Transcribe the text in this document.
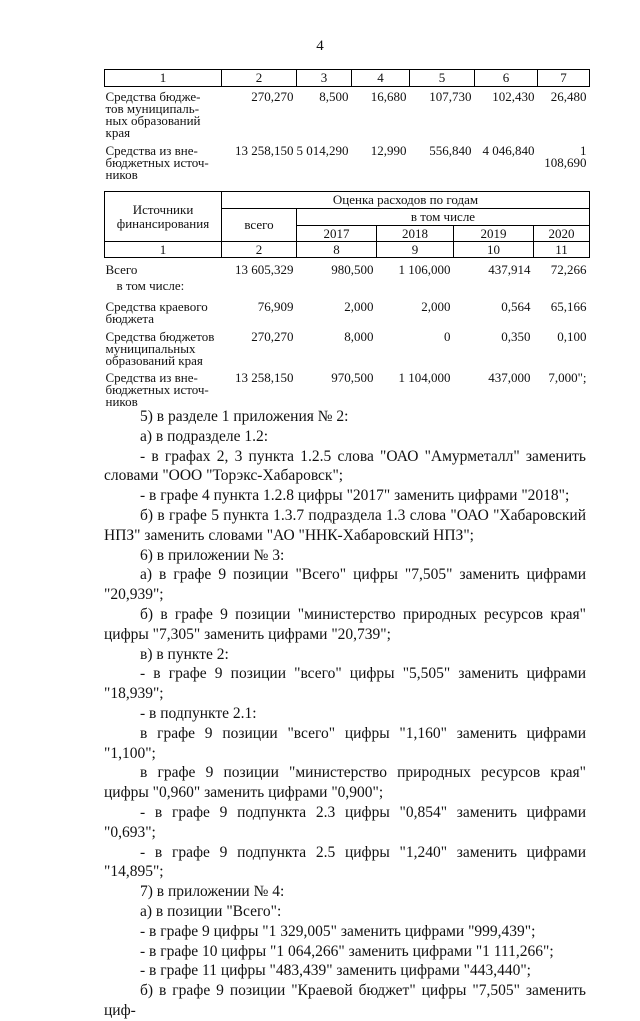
4
1	2	3	4	5	6	7
Средства бюдже-
тов муниципаль-
ных образований
края	270,270	8,500	16,680	107,730	102,430	26,480
Средства из вне-
бюджетных источ-
ников	13 258,150	5 014,290	12,990	556,840	4 046,840	1 108,690
Источники финансирования	Оценка расходов по годам				
	всего	в том числе			
		2017	2018	2019	2020
1	2	8	9	10	11
Всего	13 605,329	980,500	1 106,000	437,914	72,266
в том числе:					
Средства краевого
бюджета	76,909	2,000	2,000	0,564	65,166
Средства бюджетов
муниципальных
образований края	270,270	8,000	0	0,350	0,100
Средства из вне-
бюджетных источ-
ников	13 258,150	970,500	1 104,000	437,000	7,000";

5) в разделе 1 приложения № 2:

а) в подразделе 1.2:

- в графах 2, 3 пункта 1.2.5 слова "ОАО "Амурметалл" заменить словами "ООО "Торэкс-Хабаровск";

- в графе 4 пункта 1.2.8 цифры "2017" заменить цифрами "2018";

б) в графе 5 пункта 1.3.7 подраздела 1.3 слова "ОАО "Хабаровский НПЗ" заменить словами "АО "ННК-Хабаровский НПЗ";

6) в приложении № 3:

а) в графе 9 позиции "Всего" цифры "7,505" заменить цифрами "20,939";

б) в графе 9 позиции "министерство природных ресурсов края" цифры "7,305" заменить цифрами "20,739";

в) в пункте 2:

- в графе 9 позиции "всего" цифры "5,505" заменить цифрами "18,939";

- в подпункте 2.1:

в графе 9 позиции "всего" цифры "1,160" заменить цифрами "1,100";

в графе 9 позиции "министерство природных ресурсов края" цифры "0,960" заменить цифрами "0,900";

- в графе 9 подпункта 2.3 цифры "0,854" заменить цифрами "0,693";

- в графе 9 подпункта 2.5 цифры "1,240" заменить цифрами "14,895";

7) в приложении № 4:

а) в позиции "Всего":

- в графе 9 цифры "1 329,005" заменить цифрами "999,439";

- в графе 10 цифры "1 064,266" заменить цифрами "1 111,266";

- в графе 11 цифры "483,439" заменить цифрами "443,440";

б) в графе 9 позиции "Краевой бюджет" цифры "7,505" заменить циф-
